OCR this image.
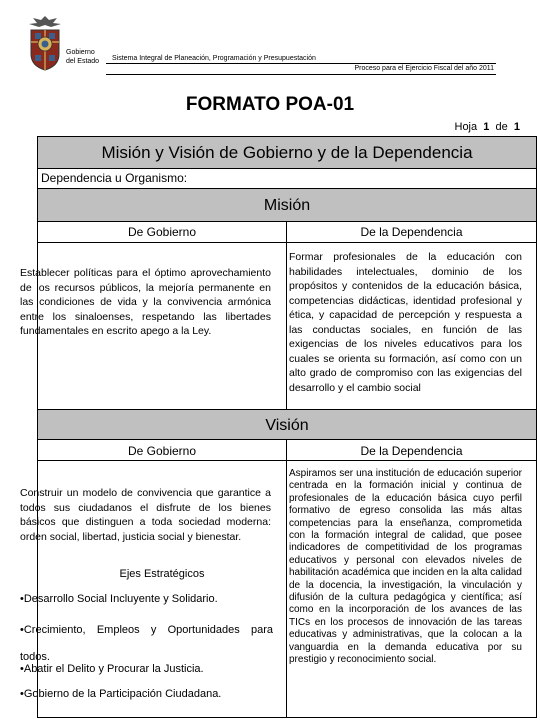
Gobierno
del Estado Sistema Integral de Planeación, Programación y Presupuestación
Proceso para el Ejercicio Fiscal del año 2011
FORMATO POA-01
Hoja 1 de 1
Misión y Visión de Gobierno y de la Dependencia
Dependencia u Organismo:
Misión
De Gobierno	De la Dependencia
Establecer políticas para el óptimo aprovechamiento de los recursos públicos, la mejoría permanente en las condiciones de vida y la convivencia armónica entre los sinaloenses, respetando las libertades fundamentales en escrito apego a la Ley.
Formar profesionales de la educación con habilidades intelectuales, dominio de los propósitos y contenidos de la educación básica, competencias didácticas, identidad profesional y ética, y capacidad de percepción y respuesta a las conductas sociales, en función de las exigencias de los niveles educativos para los cuales se orienta su formación, así como con un alto grado de compromiso con las exigencias del desarrollo y el cambio social
Visión
De Gobierno	De la Dependencia
Construir un modelo de convivencia que garantice a todos sus ciudadanos el disfrute de los bienes básicos que distinguen a toda sociedad moderna: orden social, libertad, justicia social y bienestar.
Ejes Estratégicos
•Desarrollo Social Incluyente y Solidario.
•Crecimiento, Empleos y Oportunidades para todos.
•Abatir el Delito y Procurar la Justicia.
•Gobierno de la Participación Ciudadana.
Aspiramos ser una institución de educación superior centrada en la formación inicial y continua de profesionales de la educación básica cuyo perfil formativo de egreso consolida las más altas competencias para la enseñanza, comprometida con la formación integral de calidad, que posee indicadores de competitividad de los programas educativos y personal con elevados niveles de habilitación académica que inciden en la alta calidad de la docencia, la investigación, la vinculación y difusión de la cultura pedagógica y científica; así como en la incorporación de los avances de las TICs en los procesos de innovación de las tareas educativas y administrativas, que la colocan a la vanguardia en la demanda educativa por su prestigio y reconocimiento social.
